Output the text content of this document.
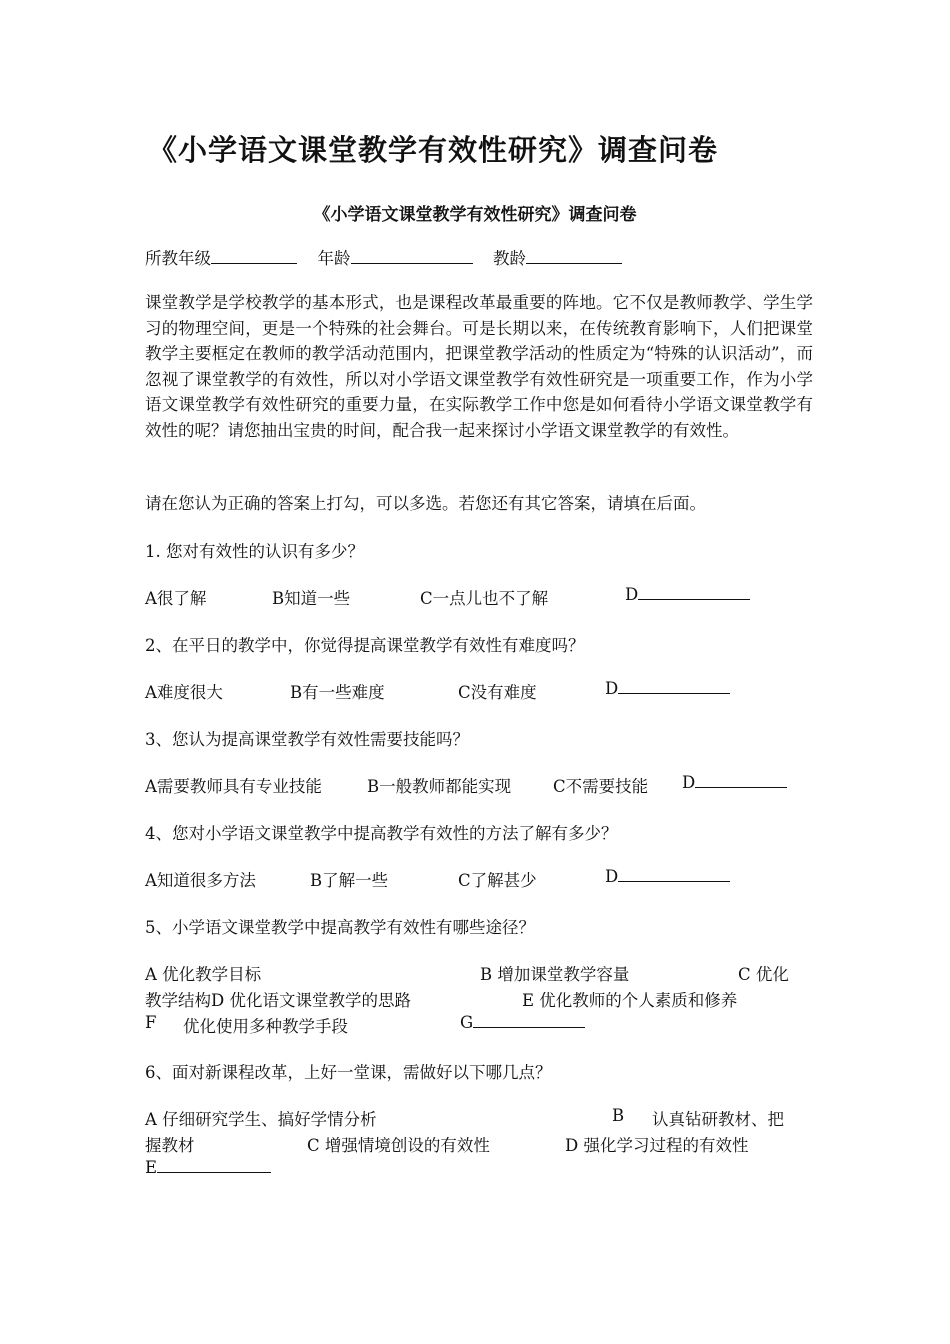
《小学语文课堂教学有效性研究》调查问卷
《小学语文课堂教学有效性研究》调查问卷
所教年级	年龄	教龄

课堂教学是学校教学的基本形式，也是课程改革最重要的阵地。它不仅是教师教学、学生学习的物理空间，更是一个特殊的社会舞台。可是长期以来，在传统教育影响下，人们把课堂教学主要框定在教师的教学活动范围内，把课堂教学活动的性质定为“特殊的认识活动”，而忽视了课堂教学的有效性，所以对小学语文课堂教学有效性研究是一项重要工作，作为小学语文课堂教学有效性研究的重要力量，在实际教学工作中您是如何看待小学语文课堂教学有效性的呢？请您抽出宝贵的时间，配合我一起来探讨小学语文课堂教学的有效性。

请在您认为正确的答案上打勾，可以多选。若您还有其它答案，请填在后面。
1. 您对有效性的认识有多少？
A很了解	B知道一些	C一点儿也不了解	D
2、在平日的教学中，你觉得提高课堂教学有效性有难度吗？
A难度很大	B有一些难度	C没有难度	D
3、您认为提高课堂教学有效性需要技能吗？
A需要教师具有专业技能	B一般教师都能实现	C不需要技能 D
4、您对小学语文课堂教学中提高教学有效性的方法了解有多少？
A知道很多方法	B了解一些	C了解甚少	D
5、小学语文课堂教学中提高教学有效性有哪些途径？
A 优化教学目标	B 增加课堂教学容量	C 优化
教学结构D 优化语文课堂教学的思路	E 优化教师的个人素质和修养
F 优化使用多种教学手段	G
6、面对新课程改革，上好一堂课，需做好以下哪几点？
A 仔细研究学生、搞好学情分析	B 认真钻研教材、把
握教材	C 增强情境创设的有效性	D 强化学习过程的有效性
E
